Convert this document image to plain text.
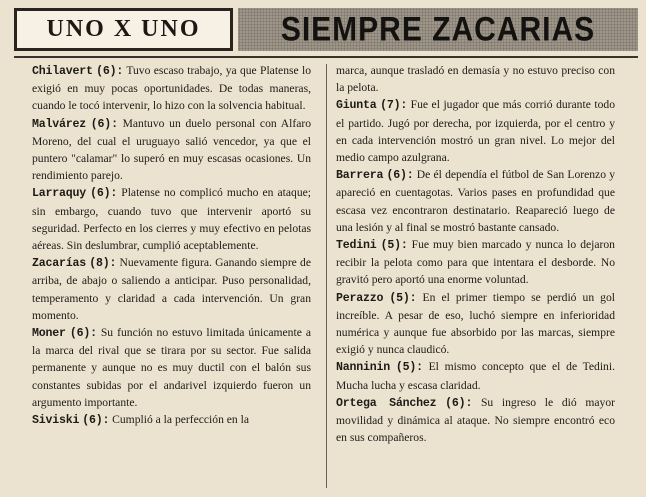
UNO X UNO	SIEMPRE ZACARIAS

Chilavert (6): Tuvo escaso trabajo, ya que Platense lo exigió en muy pocas oportunidades. De todas maneras, cuando le tocó intervenir, lo hizo con la solvencia habitual.

Malvárez (6): Mantuvo un duelo personal con Alfaro Moreno, del cual el uruguayo salió vencedor, ya que el puntero "calamar" lo superó en muy escasas ocasiones. Un rendimiento parejo.

Larraquy (6): Platense no complicó mucho en ataque; sin embargo, cuando tuvo que intervenir aportó su seguridad. Perfecto en los cierres y muy efectivo en pelotas aéreas. Sin deslumbrar, cumplió aceptablemente.

Zacarías (8): Nuevamente figura. Ganando siempre de arriba, de abajo o saliendo a anticipar. Puso personalidad, temperamento y claridad a cada intervención. Un gran momento.

Moner (6): Su función no estuvo limitada únicamente a la marca del rival que se tirara por su sector. Fue salida permanente y aunque no es muy ductil con el balón sus constantes subidas por el andarivel izquierdo fueron un argumento importante.

Siviski (6): Cumplió a la perfección en la

marca, aunque trasladó en demasía y no estuvo preciso con la pelota.

Giunta (7): Fue el jugador que más corrió durante todo el partido. Jugó por derecha, por izquierda, por el centro y en cada intervención mostró un gran nivel. Lo mejor del medio campo azulgrana.

Barrera (6): De él dependía el fútbol de San Lorenzo y apareció en cuentagotas. Varios pases en profundidad que escasa vez encontraron destinatario. Reapareció luego de una lesión y al final se mostró bastante cansado.

Tedini (5): Fue muy bien marcado y nunca lo dejaron recibir la pelota como para que intentara el desborde. No gravitó pero aportó una enorme voluntad.

Perazzo (5): En el primer tiempo se perdió un gol increíble. A pesar de eso, luchó siempre en inferioridad numérica y aunque fue absorbido por las marcas, siempre exigió y nunca claudicó.

Nanninin (5): El mismo concepto que el de Tedini. Mucha lucha y escasa claridad.

Ortega Sánchez (6): Su ingreso le dió mayor movilidad y dinámica al ataque. No siempre encontró eco en sus compañeros.
